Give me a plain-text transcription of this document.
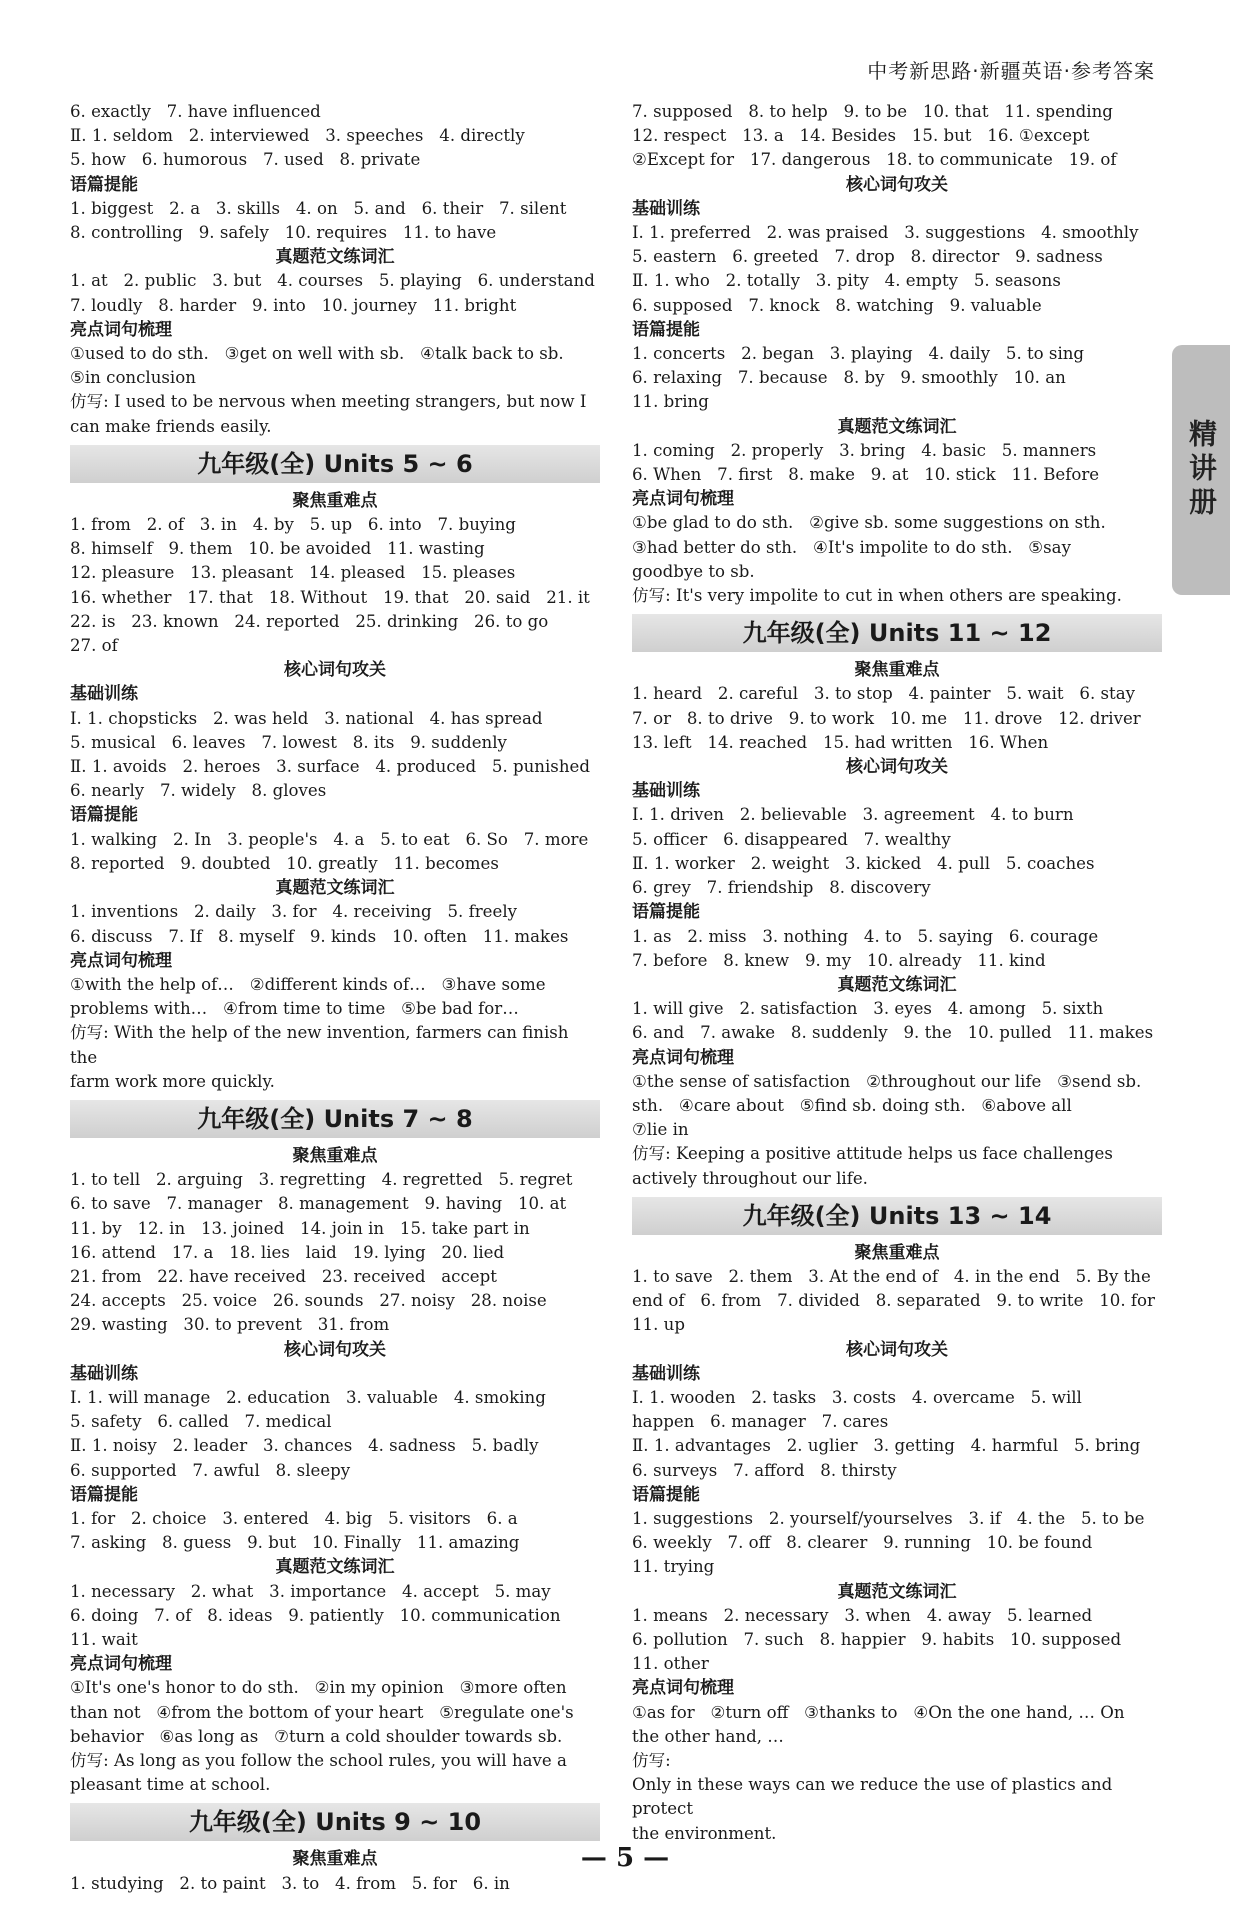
中考新思路·新疆英语·参考答案
精讲册
6. exactly   7. have influenced
Ⅱ. 1. seldom   2. interviewed   3. speeches   4. directly
5. how   6. humorous   7. used   8. private
语篇提能
1. biggest   2. a   3. skills   4. on   5. and   6. their   7. silent
8. controlling   9. safely   10. requires   11. to have
真题范文练词汇
1. at   2. public   3. but   4. courses   5. playing   6. understand
7. loudly   8. harder   9. into   10. journey   11. bright
亮点词句梳理
①used to do sth.   ③get on well with sb.   ④talk back to sb.
⑤in conclusion
仿写: I used to be nervous when meeting strangers, but now I
can make friends easily.
九年级(全) Units 5 ~ 6
聚焦重难点
1. from   2. of   3. in   4. by   5. up   6. into   7. buying
8. himself   9. them   10. be avoided   11. wasting
12. pleasure   13. pleasant   14. pleased   15. pleases
16. whether   17. that   18. Without   19. that   20. said   21. it
22. is   23. known   24. reported   25. drinking   26. to go
27. of
核心词句攻关
基础训练
Ⅰ. 1. chopsticks   2. was held   3. national   4. has spread
5. musical   6. leaves   7. lowest   8. its   9. suddenly
Ⅱ. 1. avoids   2. heroes   3. surface   4. produced   5. punished
6. nearly   7. widely   8. gloves
语篇提能
1. walking   2. In   3. people's   4. a   5. to eat   6. So   7. more
8. reported   9. doubted   10. greatly   11. becomes
真题范文练词汇
1. inventions   2. daily   3. for   4. receiving   5. freely
6. discuss   7. If   8. myself   9. kinds   10. often   11. makes
亮点词句梳理
①with the help of…   ②different kinds of…   ③have some
problems with…   ④from time to time   ⑤be bad for…
仿写: With the help of the new invention, farmers can finish the
farm work more quickly.
九年级(全) Units 7 ~ 8
聚焦重难点
1. to tell   2. arguing   3. regretting   4. regretted   5. regret
6. to save   7. manager   8. management   9. having   10. at
11. by   12. in   13. joined   14. join in   15. take part in
16. attend   17. a   18. lies   laid   19. lying   20. lied
21. from   22. have received   23. received   accept
24. accepts   25. voice   26. sounds   27. noisy   28. noise
29. wasting   30. to prevent   31. from
核心词句攻关
基础训练
Ⅰ. 1. will manage   2. education   3. valuable   4. smoking
5. safety   6. called   7. medical
Ⅱ. 1. noisy   2. leader   3. chances   4. sadness   5. badly
6. supported   7. awful   8. sleepy
语篇提能
1. for   2. choice   3. entered   4. big   5. visitors   6. a
7. asking   8. guess   9. but   10. Finally   11. amazing
真题范文练词汇
1. necessary   2. what   3. importance   4. accept   5. may
6. doing   7. of   8. ideas   9. patiently   10. communication
11. wait
亮点词句梳理
①It's one's honor to do sth.   ②in my opinion   ③more often
than not   ④from the bottom of your heart   ⑤regulate one's
behavior   ⑥as long as   ⑦turn a cold shoulder towards sb.
仿写: As long as you follow the school rules, you will have a
pleasant time at school.
九年级(全) Units 9 ~ 10
聚焦重难点
1. studying   2. to paint   3. to   4. from   5. for   6. in
7. supposed   8. to help   9. to be   10. that   11. spending
12. respect   13. a   14. Besides   15. but   16. ①except
②Except for   17. dangerous   18. to communicate   19. of
核心词句攻关
基础训练
Ⅰ. 1. preferred   2. was praised   3. suggestions   4. smoothly
5. eastern   6. greeted   7. drop   8. director   9. sadness
Ⅱ. 1. who   2. totally   3. pity   4. empty   5. seasons
6. supposed   7. knock   8. watching   9. valuable
语篇提能
1. concerts   2. began   3. playing   4. daily   5. to sing
6. relaxing   7. because   8. by   9. smoothly   10. an
11. bring
真题范文练词汇
1. coming   2. properly   3. bring   4. basic   5. manners
6. When   7. first   8. make   9. at   10. stick   11. Before
亮点词句梳理
①be glad to do sth.   ②give sb. some suggestions on sth.
③had better do sth.   ④It's impolite to do sth.   ⑤say
goodbye to sb.
仿写: It's very impolite to cut in when others are speaking.
九年级(全) Units 11 ~ 12
聚焦重难点
1. heard   2. careful   3. to stop   4. painter   5. wait   6. stay
7. or   8. to drive   9. to work   10. me   11. drove   12. driver
13. left   14. reached   15. had written   16. When
核心词句攻关
基础训练
Ⅰ. 1. driven   2. believable   3. agreement   4. to burn
5. officer   6. disappeared   7. wealthy
Ⅱ. 1. worker   2. weight   3. kicked   4. pull   5. coaches
6. grey   7. friendship   8. discovery
语篇提能
1. as   2. miss   3. nothing   4. to   5. saying   6. courage
7. before   8. knew   9. my   10. already   11. kind
真题范文练词汇
1. will give   2. satisfaction   3. eyes   4. among   5. sixth
6. and   7. awake   8. suddenly   9. the   10. pulled   11. makes
亮点词句梳理
①the sense of satisfaction   ②throughout our life   ③send sb.
sth.   ④care about   ⑤find sb. doing sth.   ⑥above all
⑦lie in
仿写: Keeping a positive attitude helps us face challenges
actively throughout our life.
九年级(全) Units 13 ~ 14
聚焦重难点
1. to save   2. them   3. At the end of   4. in the end   5. By the
end of   6. from   7. divided   8. separated   9. to write   10. for
11. up
核心词句攻关
基础训练
Ⅰ. 1. wooden   2. tasks   3. costs   4. overcame   5. will
happen   6. manager   7. cares
Ⅱ. 1. advantages   2. uglier   3. getting   4. harmful   5. bring
6. surveys   7. afford   8. thirsty
语篇提能
1. suggestions   2. yourself/yourselves   3. if   4. the   5. to be
6. weekly   7. off   8. clearer   9. running   10. be found
11. trying
真题范文练词汇
1. means   2. necessary   3. when   4. away   5. learned
6. pollution   7. such   8. happier   9. habits   10. supposed
11. other
亮点词句梳理
①as for   ②turn off   ③thanks to   ④On the one hand, … On
the other hand, …
仿写:
Only in these ways can we reduce the use of plastics and protect
the environment.
— 5 —
